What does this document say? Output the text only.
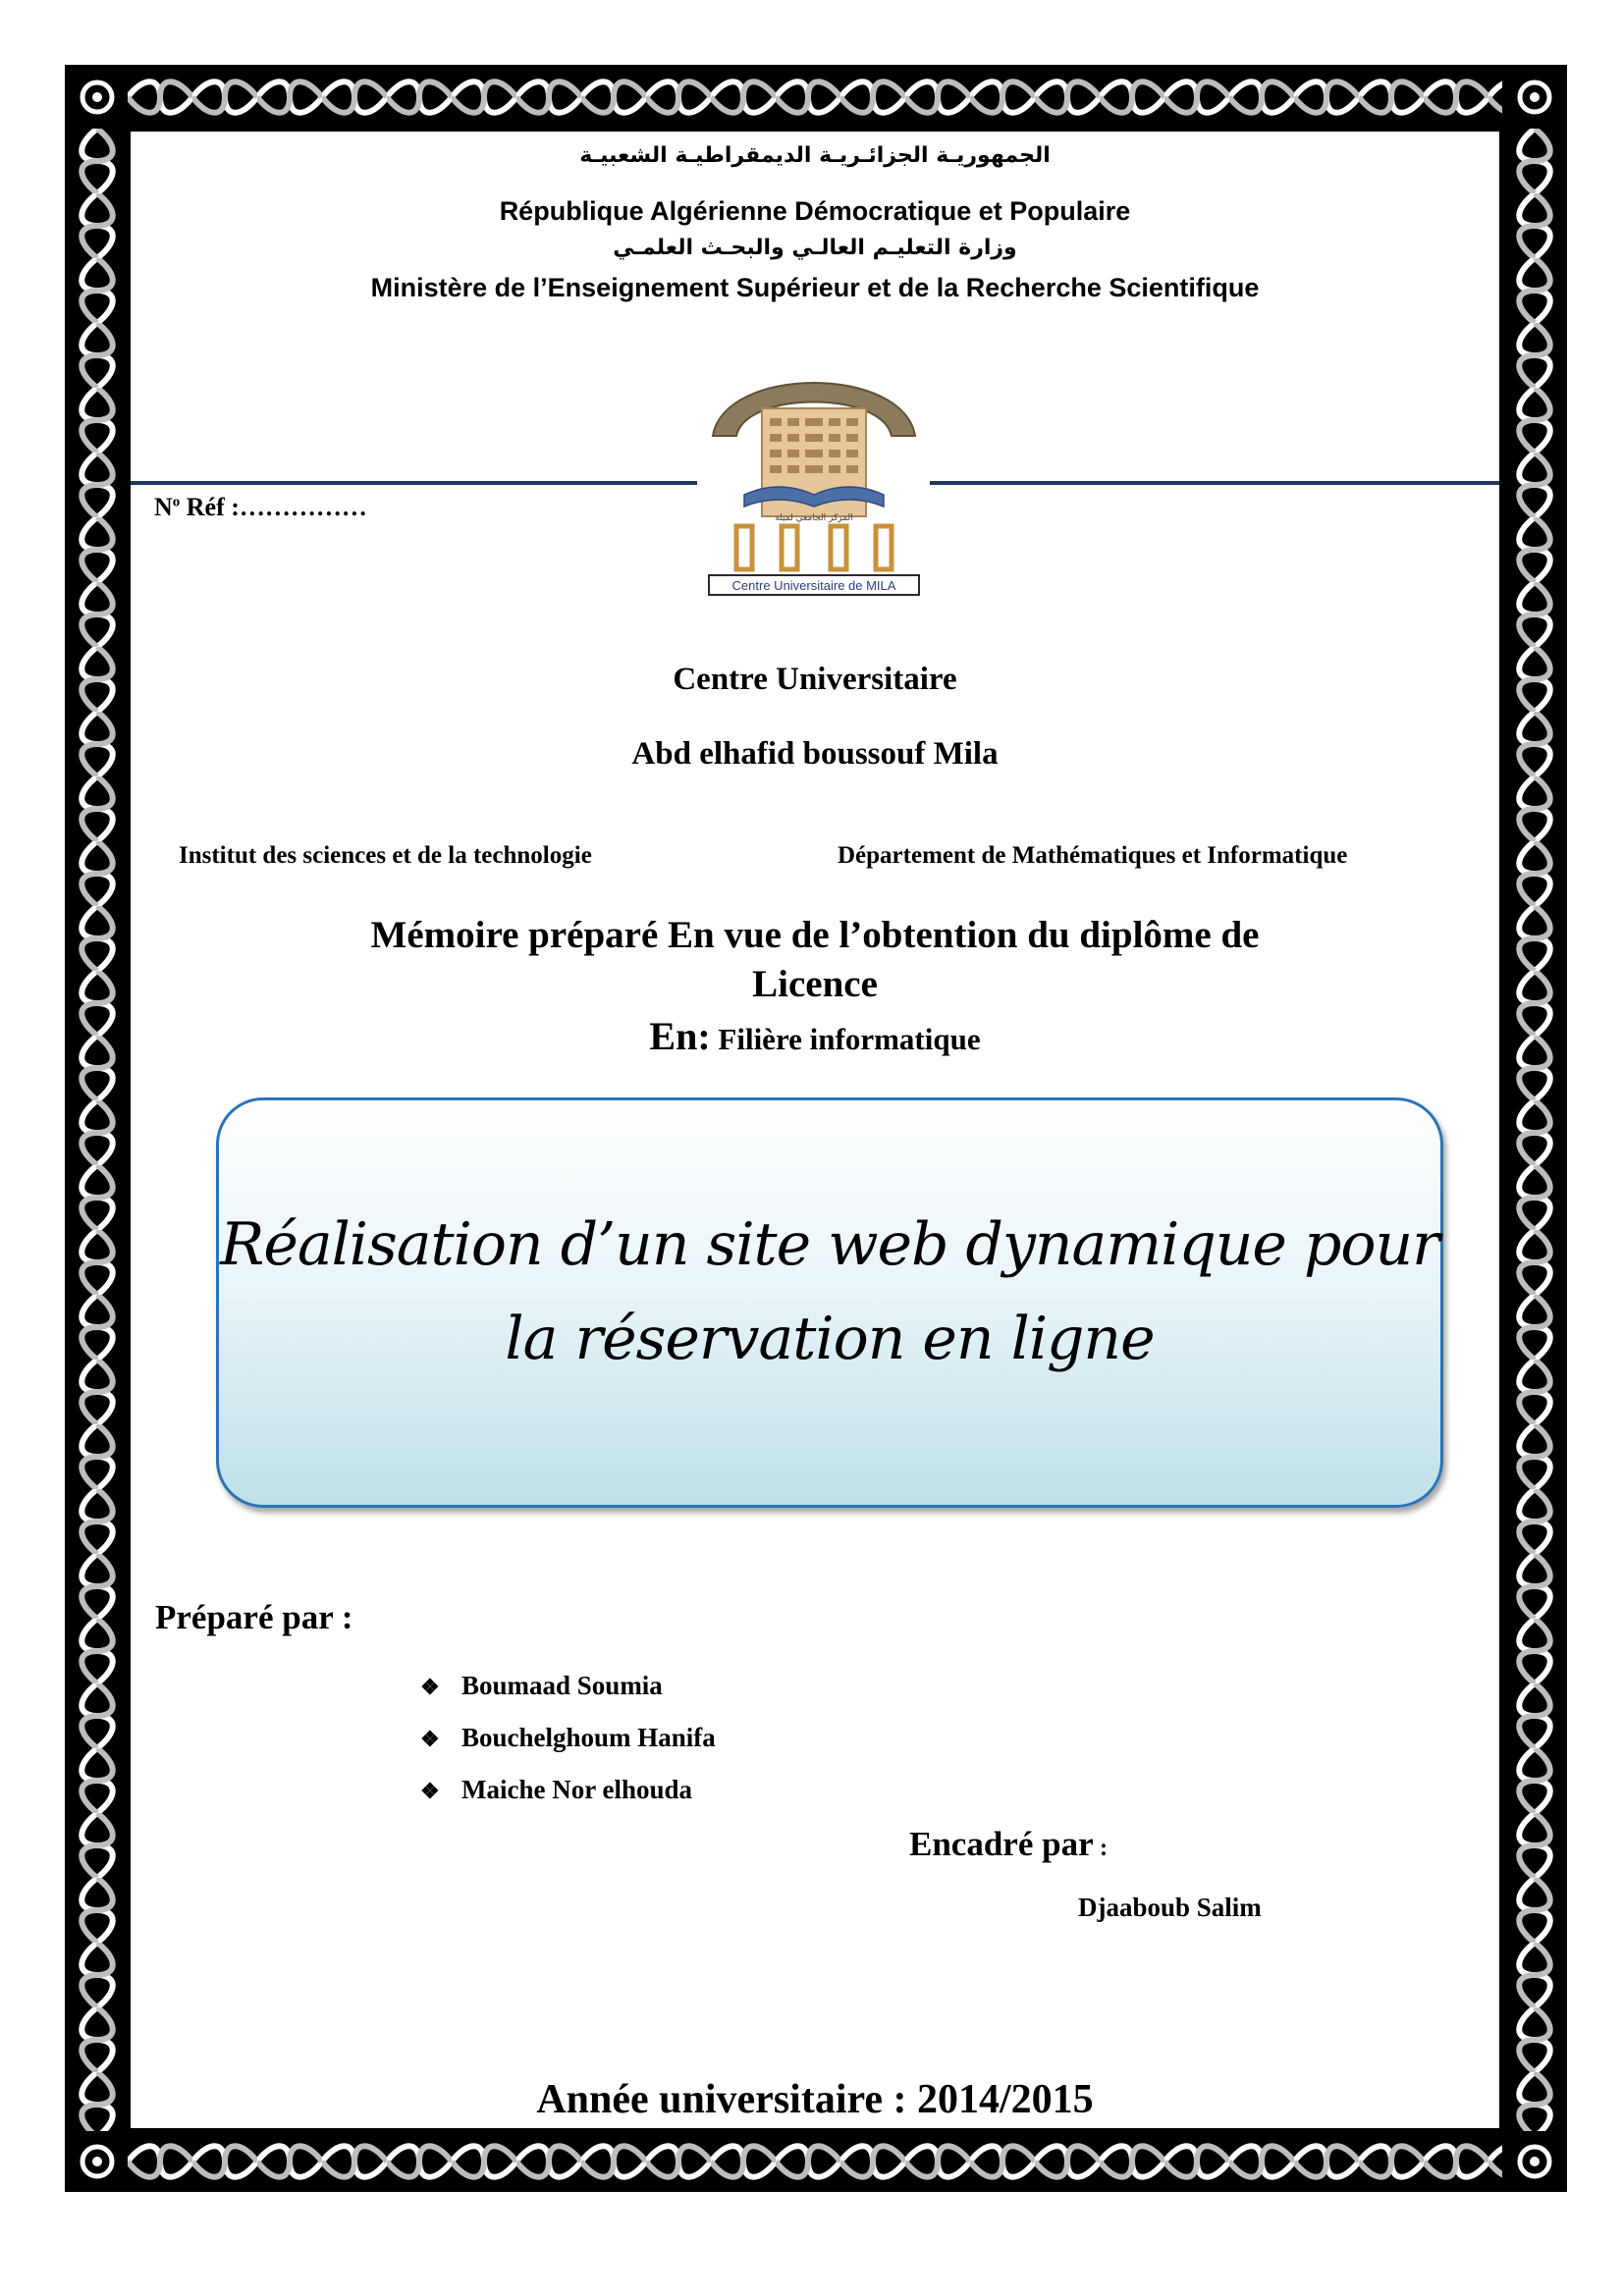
الجمهوريـة الجزائـريـة الديمقراطيـة الشعبيـة
République Algérienne Démocratique et Populaire
وزارة التعليـم العالـي والبحـث العلمـي
Ministère de l’Enseignement Supérieur et de la Recherche Scientifique
المركز الجامعي لميلة
Centre Universitaire de MILA
$N^o$ Réf :……………
Centre Universitaire
Abd elhafid boussouf Mila
Institut des sciences et de la technologie	Département de Mathématiques et Informatique
Mémoire préparé En vue de l’obtention du diplôme de
Licence
En: Filière informatique
Réalisation d’un site web dynamique pour
la réservation en ligne
Préparé par :
❖ Boumaad Soumia
❖ Bouchelghoum Hanifa
❖ Maiche Nor elhouda
Encadré par :
Djaaboub Salim
Année universitaire : 2014/2015
